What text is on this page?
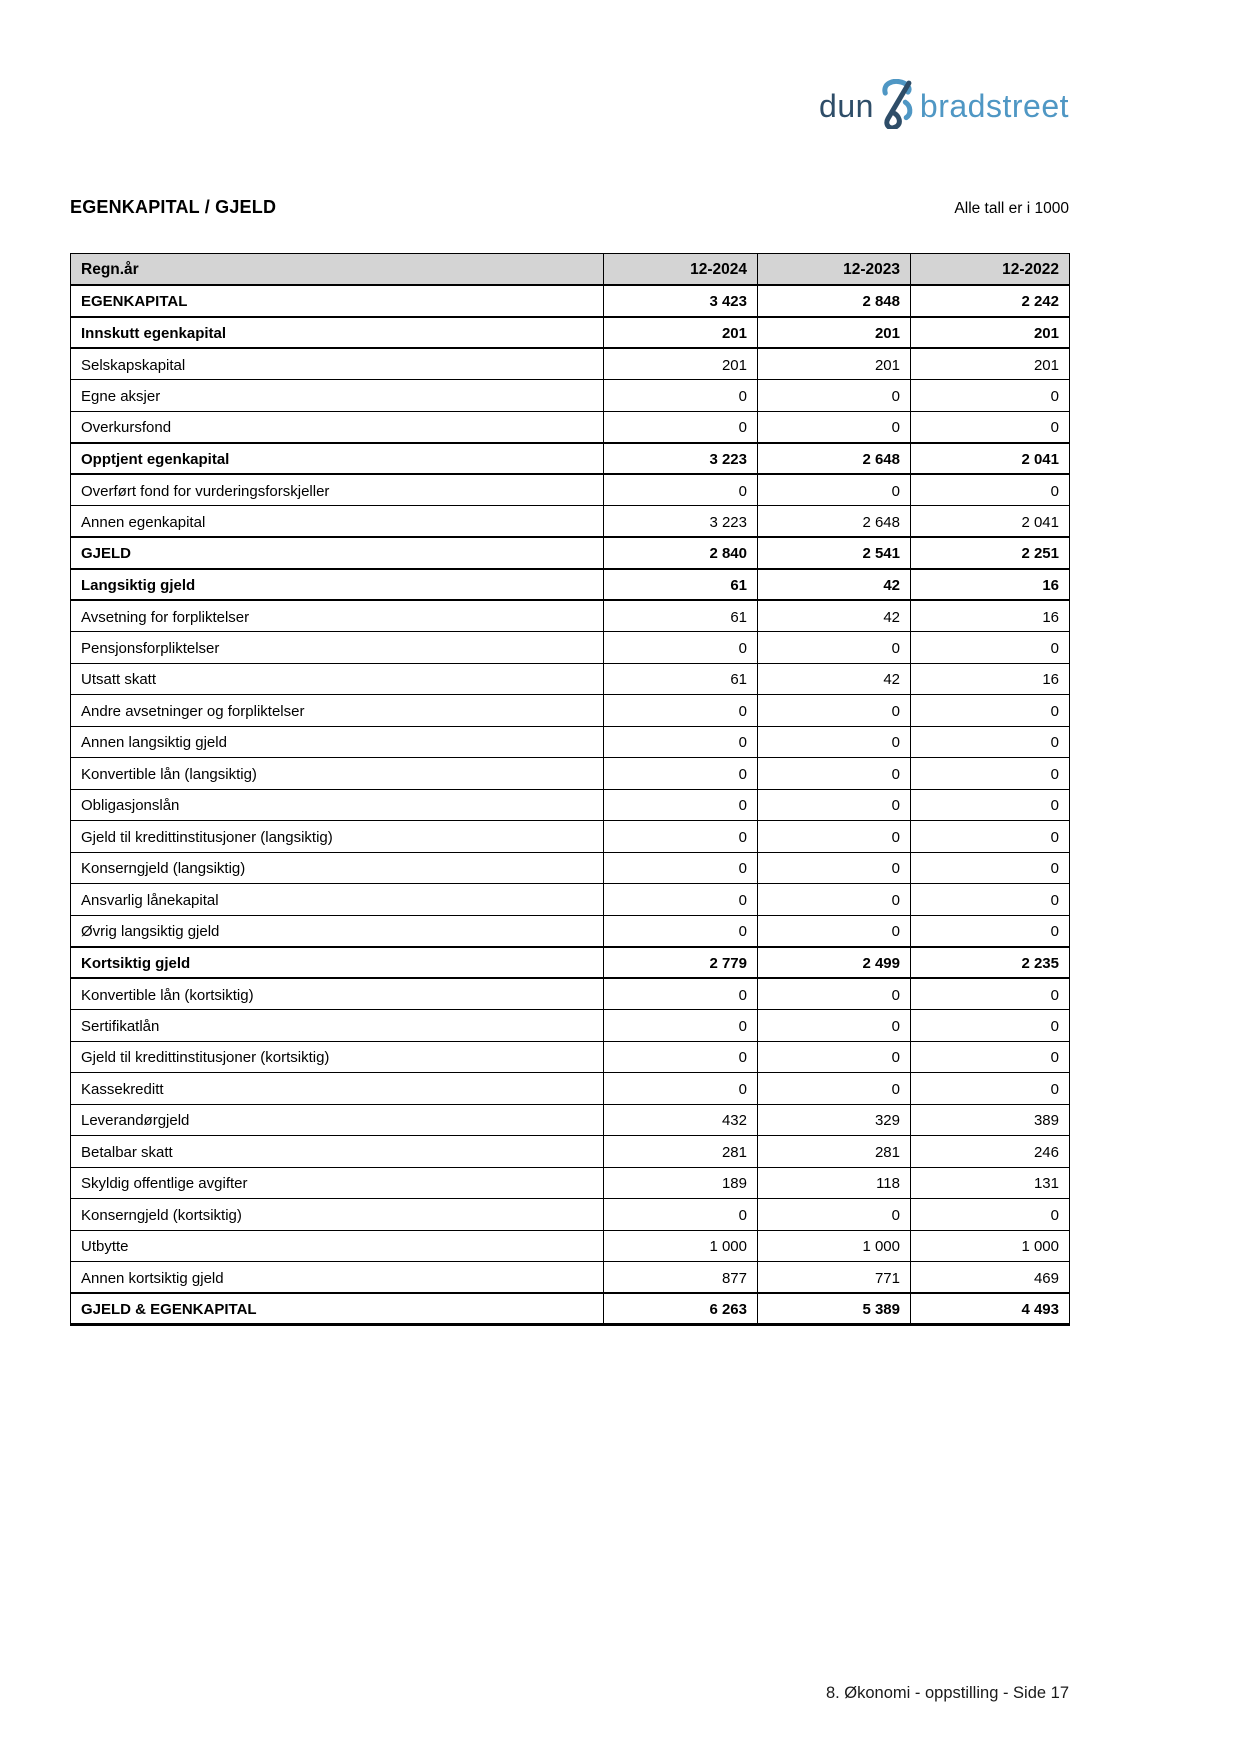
dun bradstreet
EGENKAPITAL / GJELD	Alle tall er i 1000
Regn.år	12-2024	12-2023	12-2022
EGENKAPITAL	3 423	2 848	2 242
Innskutt egenkapital	201	201	201
Selskapskapital	201	201	201
Egne aksjer	0	0	0
Overkursfond	0	0	0
Opptjent egenkapital	3 223	2 648	2 041
Overført fond for vurderingsforskjeller	0	0	0
Annen egenkapital	3 223	2 648	2 041
GJELD	2 840	2 541	2 251
Langsiktig gjeld	61	42	16
Avsetning for forpliktelser	61	42	16
Pensjonsforpliktelser	0	0	0
Utsatt skatt	61	42	16
Andre avsetninger og forpliktelser	0	0	0
Annen langsiktig gjeld	0	0	0
Konvertible lån (langsiktig)	0	0	0
Obligasjonslån	0	0	0
Gjeld til kredittinstitusjoner (langsiktig)	0	0	0
Konserngjeld (langsiktig)	0	0	0
Ansvarlig lånekapital	0	0	0
Øvrig langsiktig gjeld	0	0	0
Kortsiktig gjeld	2 779	2 499	2 235
Konvertible lån (kortsiktig)	0	0	0
Sertifikatlån	0	0	0
Gjeld til kredittinstitusjoner (kortsiktig)	0	0	0
Kassekreditt	0	0	0
Leverandørgjeld	432	329	389
Betalbar skatt	281	281	246
Skyldig offentlige avgifter	189	118	131
Konserngjeld (kortsiktig)	0	0	0
Utbytte	1 000	1 000	1 000
Annen kortsiktig gjeld	877	771	469
GJELD & EGENKAPITAL	6 263	5 389	4 493
8. Økonomi - oppstilling - Side 17
